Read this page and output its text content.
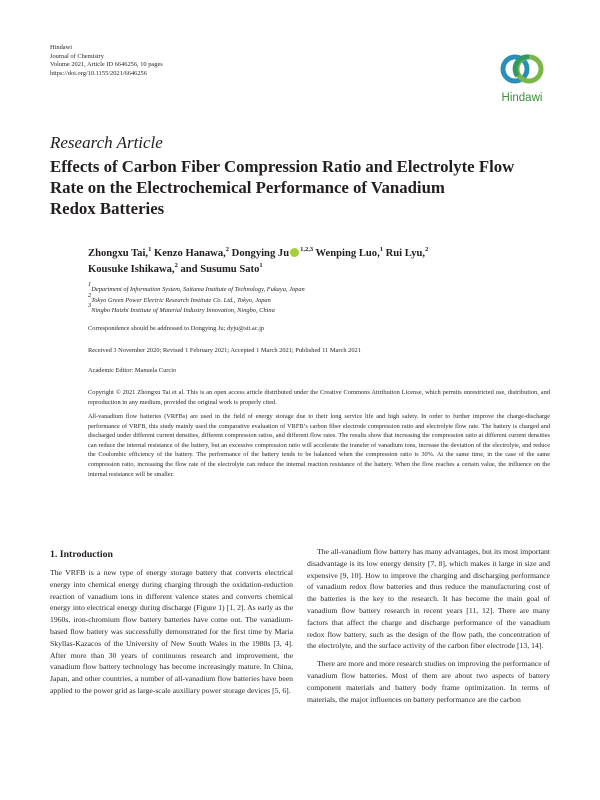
Hindawi
Journal of Chemistry
Volume 2021, Article ID 6646256, 10 pages
https://doi.org/10.1155/2021/6646256
Hindawi
Research Article
Effects of Carbon Fiber Compression Ratio and Electrolyte Flow
Rate on the Electrochemical Performance of Vanadium
Redox Batteries
Zhongxu Tai,$^1$ Kenzo Hanawa,$^2$ Dongying Ju $^{1,2,3}$ Wenping Luo,$^1$ Rui Lyu,$^2$
Kousuke Ishikawa,$^2$ and Susumu Sato$^1$
$^1$Department of Information System, Saitama Institute of Technology, Fukaya, Japan
$^2$Tokyo Green Power Electric Research Institute Co. Ltd., Tokyo, Japan
$^3$Ningbo Haizhi Institute of Material Industry Innovation, Ningbo, China
Correspondence should be addressed to Dongying Ju; dyju@sit.ac.jp
Received 3 November 2020; Revised 1 February 2021; Accepted 1 March 2021; Published 11 March 2021
Academic Editor: Manuela Curcio
Copyright © 2021 Zhongxu Tai et al. This is an open access article distributed under the Creative Commons Attribution License, which permits unrestricted use, distribution, and reproduction in any medium, provided the original work is properly cited.
All-vanadium flow batteries (VRFBs) are used in the field of energy storage due to their long service life and high safety. In order to further improve the charge-discharge performance of VRFB, this study mainly used the comparative evaluation of VRFB’s carbon fiber electrode compression ratio and electrolyte flow rate. The battery is charged and discharged under different current densities, different compression ratios, and different flow rates. The results show that increasing the compression ratio at different current densities can reduce the internal resistance of the battery, but an excessive compression ratio will accelerate the transfer of vanadium ions, increase the deviation of the electrolyte, and reduce the Coulombic efficiency of the battery. The performance of the battery tends to be balanced when the compression ratio is 30%. At the same time, in the case of the same compression ratio, increasing the flow rate of the electrolyte can reduce the internal reaction resistance of the battery. When the flow reaches a certain value, the influence on the internal resistance will be smaller.
1. Introduction

The VRFB is a new type of energy storage battery that converts electrical energy into chemical energy during charging through the oxidation-reduction reaction of vanadium ions in different valence states and converts chemical energy into electrical energy during discharge (Figure 1) [1, 2]. As early as the 1960s, iron-chromium flow battery batteries have come out. The vanadium-based flow battery was successfully demonstrated for the first time by Maria Skyllas-Kazacos of the University of New South Wales in the 1980s [3, 4]. After more than 30 years of continuous research and improvement, the vanadium flow battery technology has become increasingly mature. In China, Japan, and other countries, a number of all-vanadium flow batteries have been applied to the power grid as large-scale auxiliary power storage devices [5, 6].

The all-vanadium flow battery has many advantages, but its most important disadvantage is its low energy density [7, 8], which makes it large in size and expensive [9, 10]. How to improve the charging and discharging performance of vanadium redox flow batteries and thus reduce the manufacturing cost of the batteries is the key to the research. It has become the main goal of vanadium flow battery research in recent years [11, 12]. There are many factors that affect the charge and discharge performance of the vanadium redox flow battery, such as the design of the flow path, the concentration of the electrolyte, and the surface activity of the carbon fiber electrode [13, 14].

There are more and more research studies on improving the performance of vanadium flow batteries. Most of them are about two aspects of battery component materials and battery body frame optimization. In terms of materials, the major influences on battery performance are the carbon
